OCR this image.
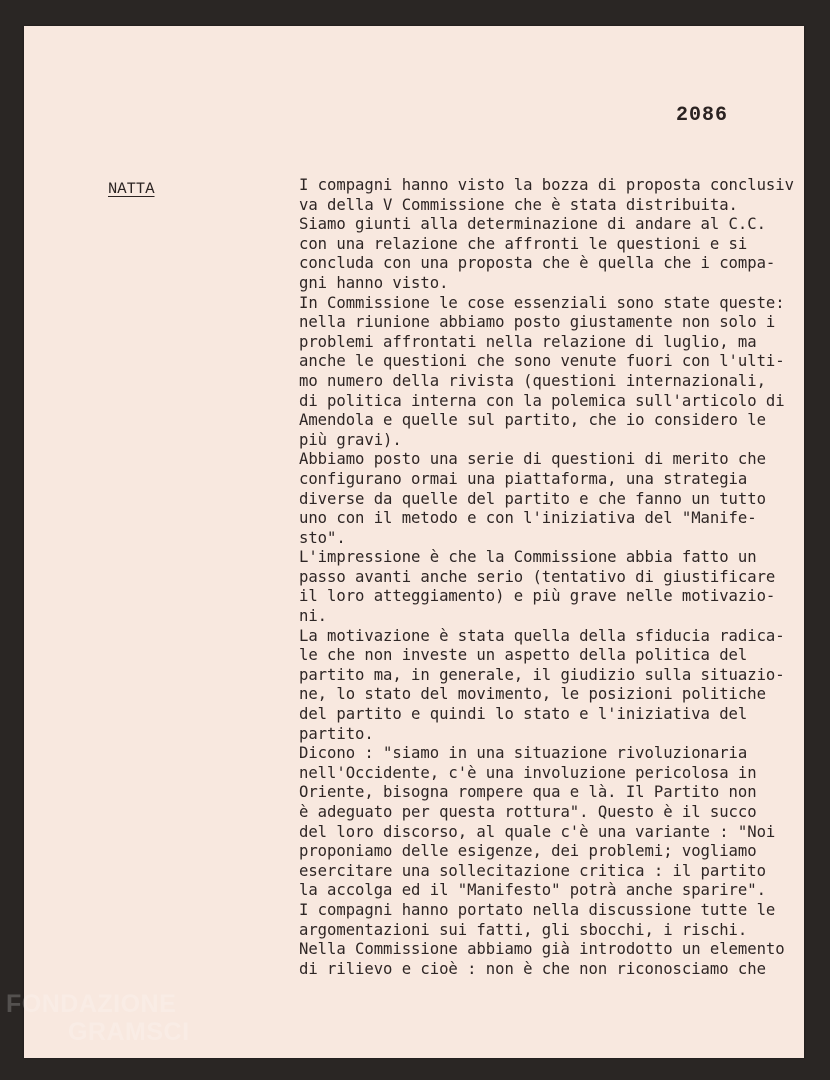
2086
NATTA	I compagni hanno visto la bozza di proposta conclusiv
va della V Commissione che è stata distribuita.
Siamo giunti alla determinazione di andare al C.C.
con una relazione che affronti le questioni e si
concluda con una proposta che è quella che i compa-
gni hanno visto.
In Commissione le cose essenziali sono state queste:
nella riunione abbiamo posto giustamente non solo i
problemi affrontati nella relazione di luglio, ma
anche le questioni che sono venute fuori con l'ulti-
mo numero della rivista (questioni internazionali,
di politica interna con la polemica sull'articolo di
Amendola e quelle sul partito, che io considero le
più gravi).
Abbiamo posto una serie di questioni di merito che
configurano ormai una piattaforma, una strategia
diverse da quelle del partito e che fanno un tutto
uno con il metodo e con l'iniziativa del "Manife-
sto".
L'impressione è che la Commissione abbia fatto un
passo avanti anche serio (tentativo di giustificare
il loro atteggiamento) e più grave nelle motivazio-
ni.
La motivazione è stata quella della sfiducia radica-
le che non investe un aspetto della politica del
partito ma, in generale, il giudizio sulla situazio-
ne, lo stato del movimento, le posizioni politiche
del partito e quindi lo stato e l'iniziativa del
partito.
Dicono : "siamo in una situazione rivoluzionaria
nell'Occidente, c'è una involuzione pericolosa in
Oriente, bisogna rompere qua e là. Il Partito non
è adeguato per questa rottura". Questo è il succo
del loro discorso, al quale c'è una variante : "Noi
proponiamo delle esigenze, dei problemi; vogliamo
esercitare una sollecitazione critica : il partito
la accolga ed il "Manifesto" potrà anche sparire".
I compagni hanno portato nella discussione tutte le
argomentazioni sui fatti, gli sbocchi, i rischi.
Nella Commissione abbiamo già introdotto un elemento
di rilievo e cioè : non è che non riconosciamo che
FONDAZIONE
GRAMSCI
